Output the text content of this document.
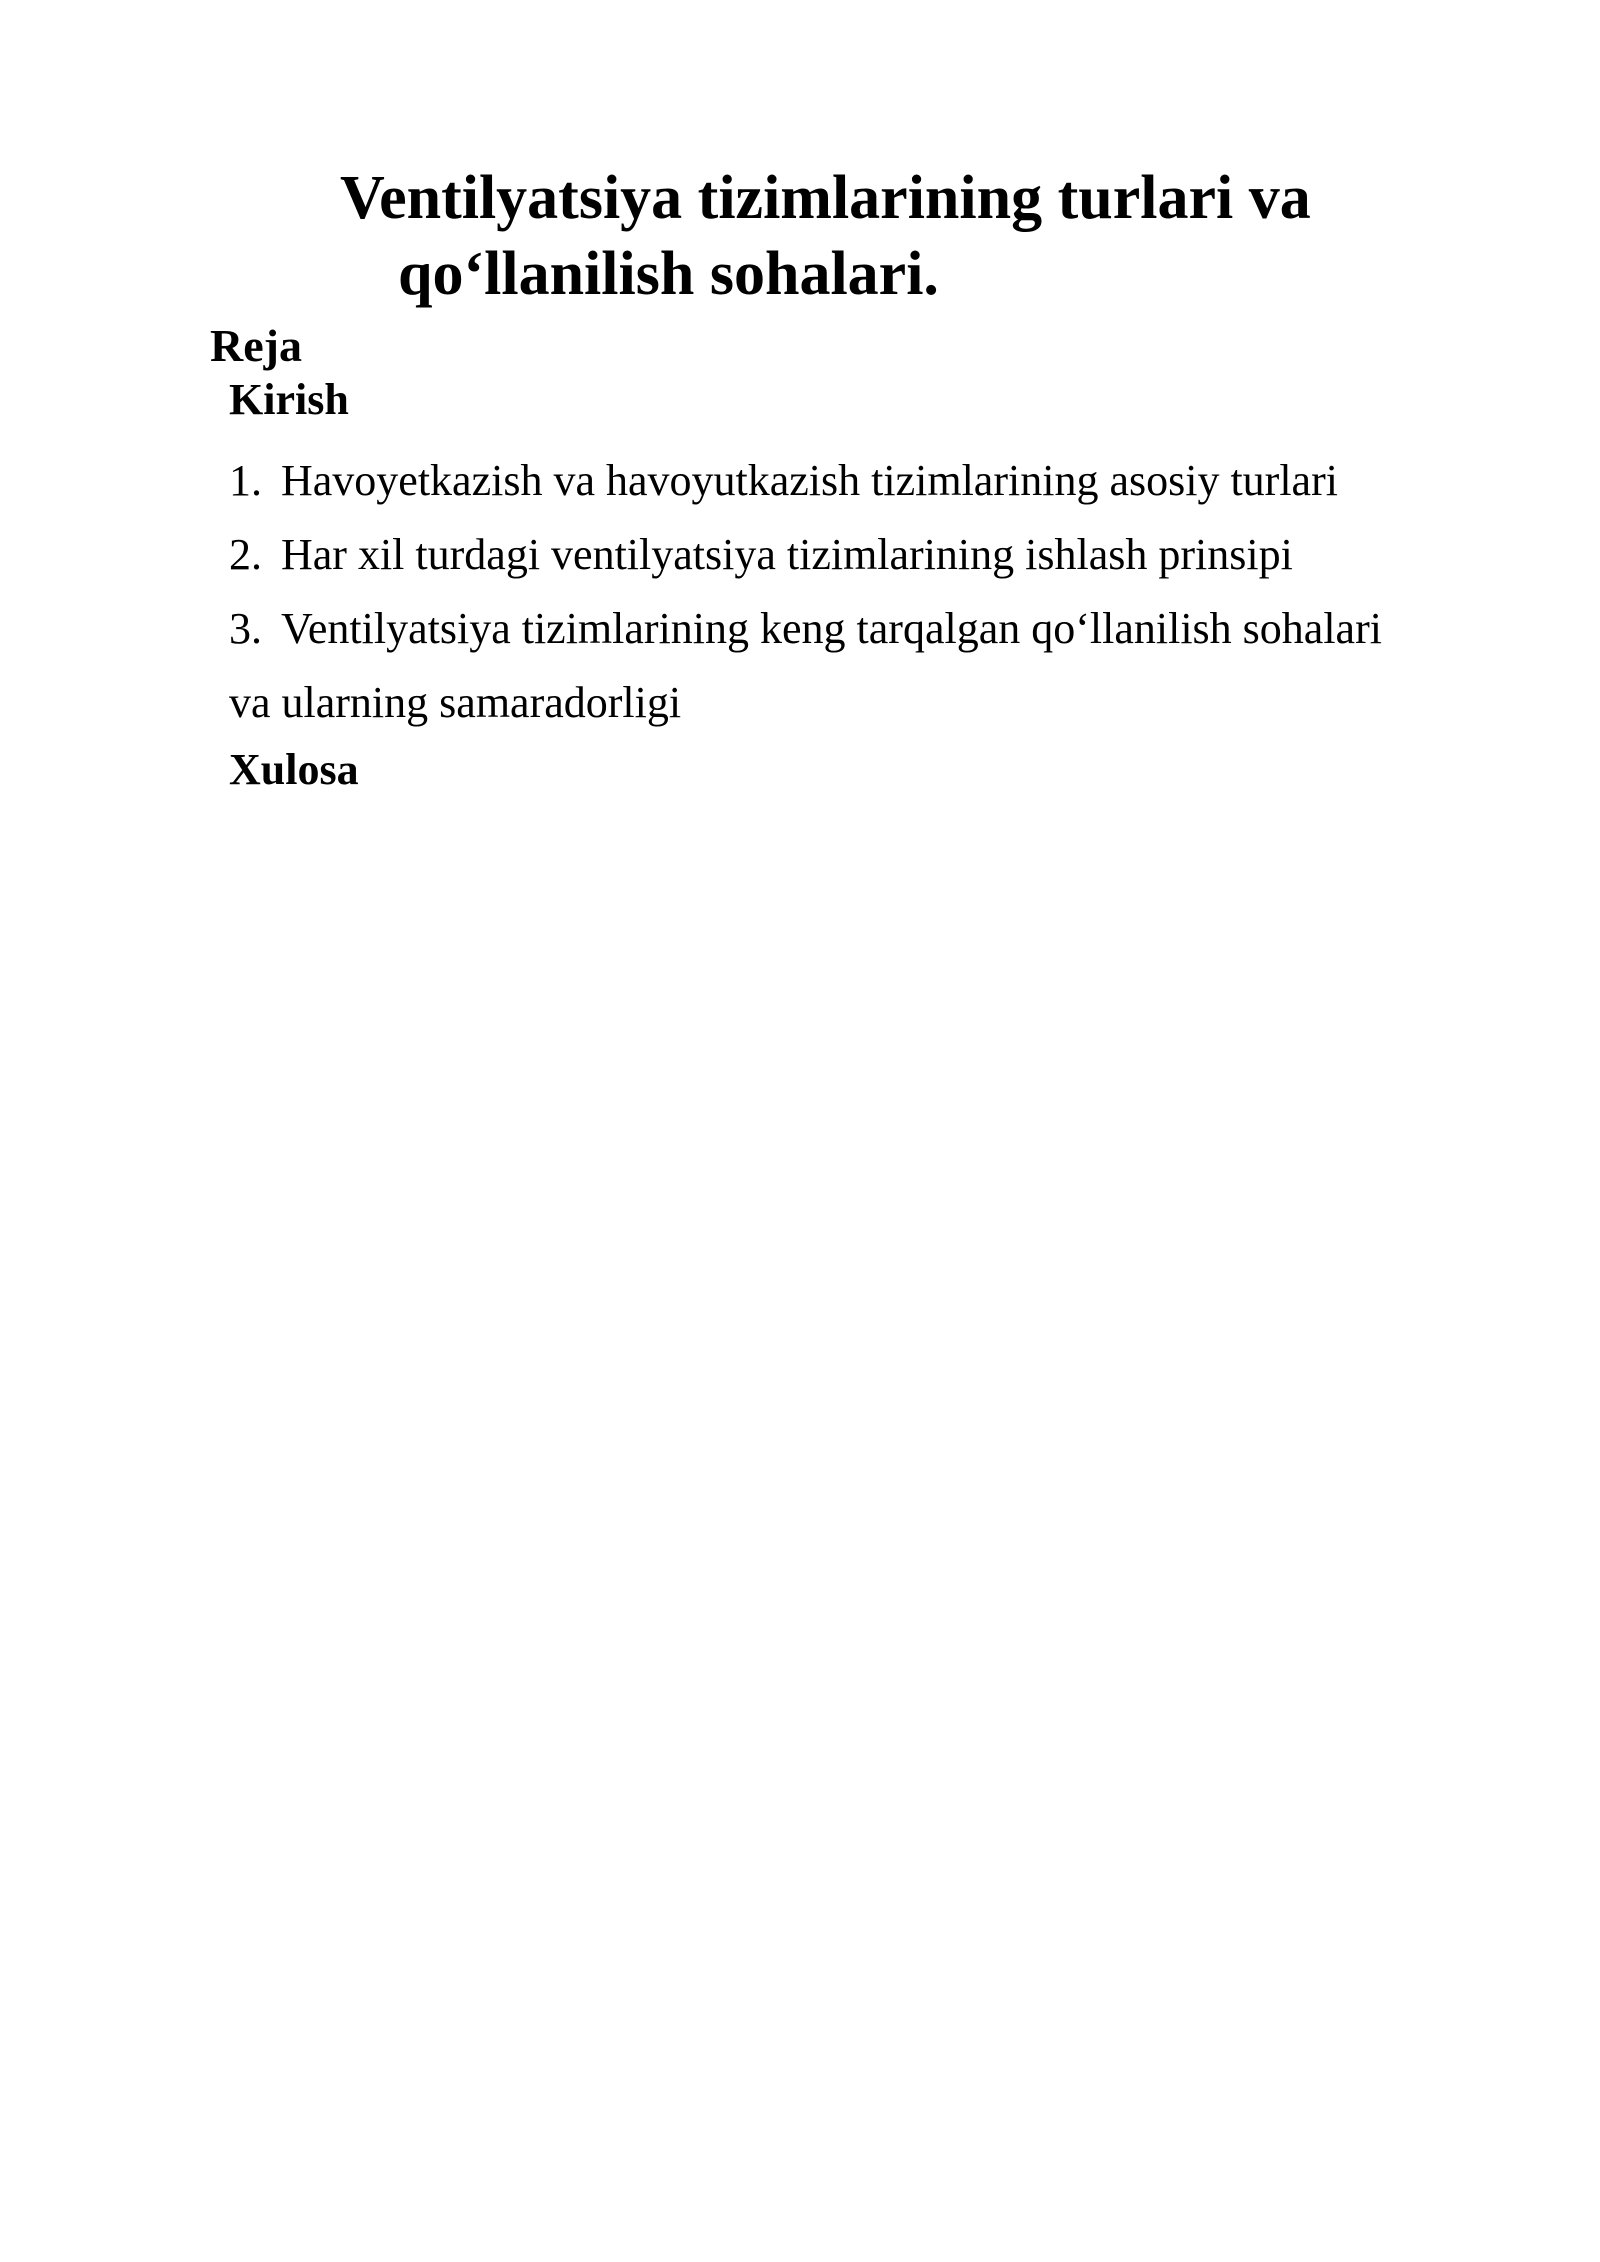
Ventilyatsiya tizimlarining turlari va
qo‘llanilish sohalari.
Reja
Kirish
1. Havoyetkazish va havoyutkazish tizimlarining asosiy turlari
2. Har xil turdagi ventilyatsiya tizimlarining ishlash prinsipi
3. Ventilyatsiya tizimlarining keng tarqalgan qo‘llanilish sohalari
va ularning samaradorligi
Xulosa
